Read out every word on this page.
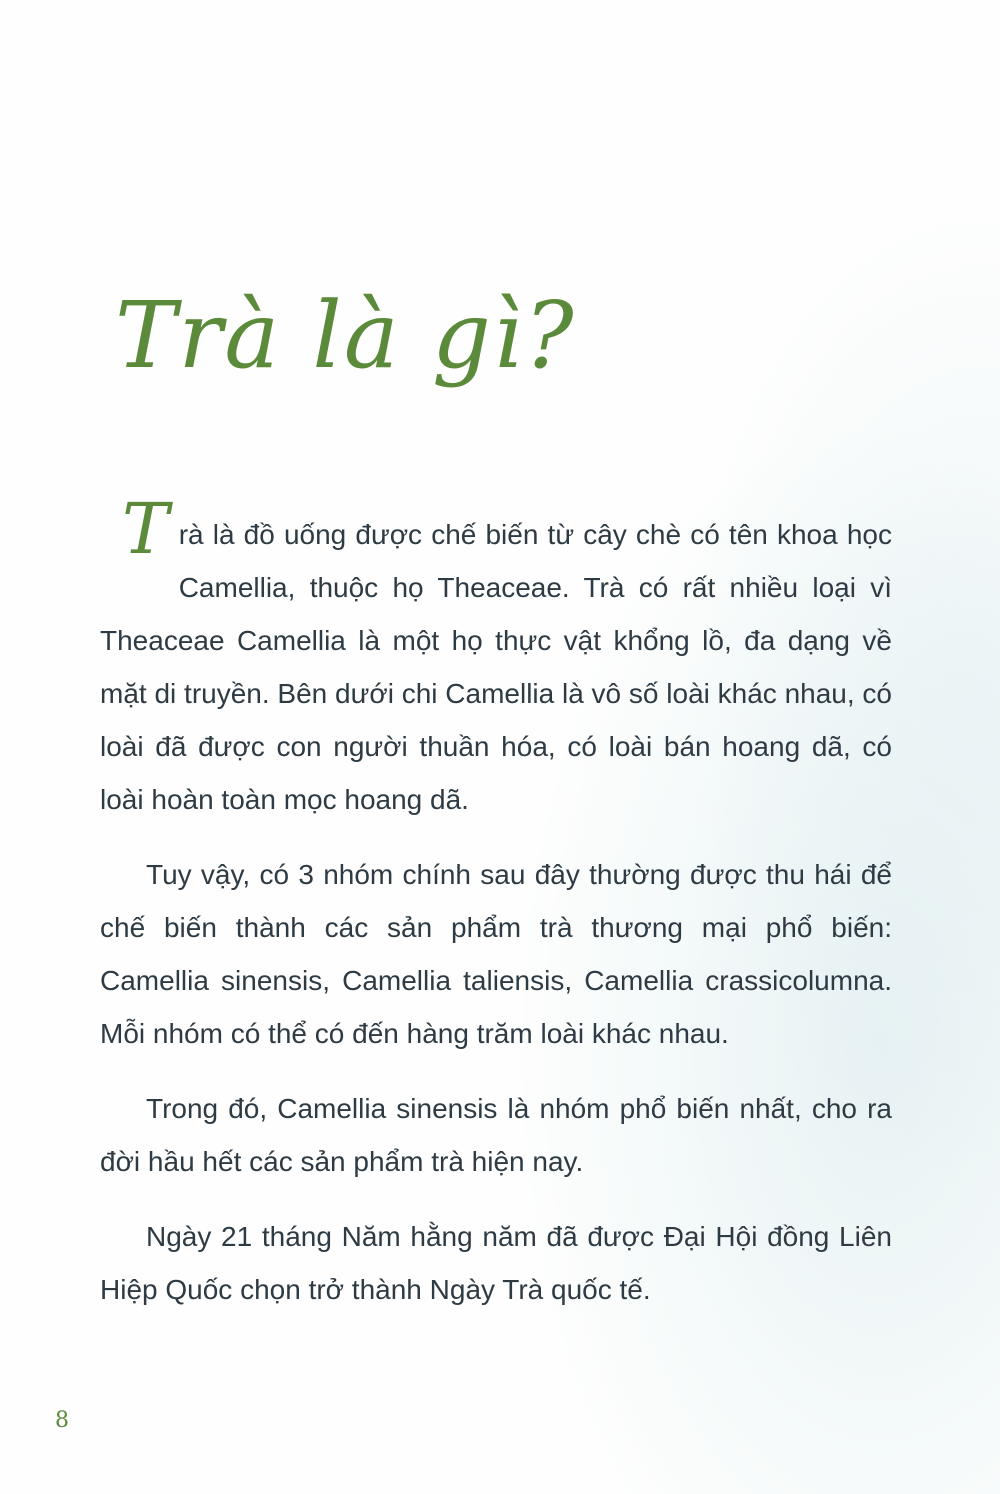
Trà là gì?

Trà là đồ uống được chế biến từ cây chè có tên khoa học Camellia, thuộc họ Theaceae. Trà có rất nhiều loại vì Theaceae Camellia là một họ thực vật khổng lồ, đa dạng về mặt di truyền. Bên dưới chi Camellia là vô số loài khác nhau, có loài đã được con người thuần hóa, có loài bán hoang dã, có loài hoàn toàn mọc hoang dã.

Tuy vậy, có 3 nhóm chính sau đây thường được thu hái để chế biến thành các sản phẩm trà thương mại phổ biến: Camellia sinensis, Camellia taliensis, Camellia crassicolumna. Mỗi nhóm có thể có đến hàng trăm loài khác nhau.

Trong đó, Camellia sinensis là nhóm phổ biến nhất, cho ra đời hầu hết các sản phẩm trà hiện nay.

Ngày 21 tháng Năm hằng năm đã được Đại Hội đồng Liên Hiệp Quốc chọn trở thành Ngày Trà quốc tế.

8
